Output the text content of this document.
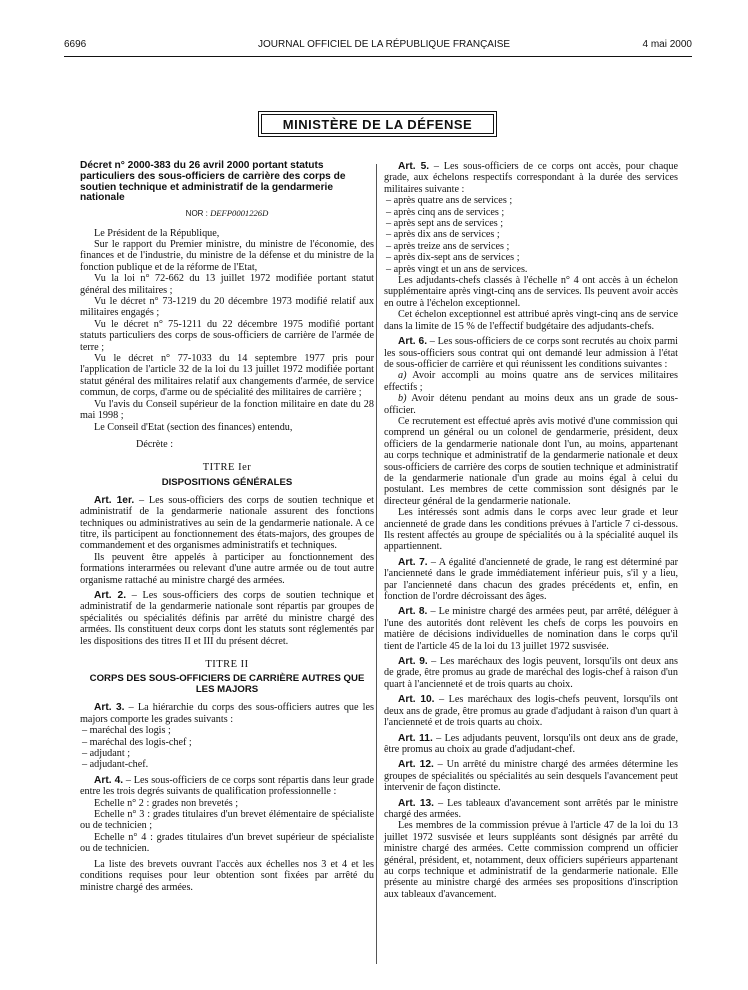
6696	JOURNAL OFFICIEL DE LA RÉPUBLIQUE FRANÇAISE	4 mai 2000
MINISTÈRE DE LA DÉFENSE
Décret n° 2000-383 du 26 avril 2000 portant statuts particuliers des sous-officiers de carrière des corps de soutien technique et administratif de la gendarmerie nationale
NOR : DEFP0001226D

Le Président de la République,

Sur le rapport du Premier ministre, du ministre de l'économie, des finances et de l'industrie, du ministre de la défense et du ministre de la fonction publique et de la réforme de l'Etat,

Vu la loi n° 72-662 du 13 juillet 1972 modifiée portant statut général des militaires ;

Vu le décret n° 73-1219 du 20 décembre 1973 modifié relatif aux militaires engagés ;

Vu le décret n° 75-1211 du 22 décembre 1975 modifié portant statuts particuliers des corps de sous-officiers de carrière de l'armée de terre ;

Vu le décret n° 77-1033 du 14 septembre 1977 pris pour l'application de l'article 32 de la loi du 13 juillet 1972 modifiée portant statut général des militaires relatif aux changements d'armée, de service commun, de corps, d'arme ou de spécialité des militaires de carrière ;

Vu l'avis du Conseil supérieur de la fonction militaire en date du 28 mai 1998 ;

Le Conseil d'Etat (section des finances) entendu,

Décrète :

TITRE Ier
DISPOSITIONS GÉNÉRALES

Art. 1er. – Les sous-officiers des corps de soutien technique et administratif de la gendarmerie nationale assurent des fonctions techniques ou administratives au sein de la gendarmerie nationale. A ce titre, ils participent au fonctionnement des états-majors, des groupes de commandement et des organismes administratifs et techniques.

Ils peuvent être appelés à participer au fonctionnement des formations interarmées ou relevant d'une autre armée ou de tout autre organisme rattaché au ministre chargé des armées.

Art. 2. – Les sous-officiers des corps de soutien technique et administratif de la gendarmerie nationale sont répartis par groupes de spécialités ou spécialités définis par arrêté du ministre chargé des armées. Ils constituent deux corps dont les statuts sont réglementés par les dispositions des titres II et III du présent décret.

TITRE II
CORPS DES SOUS-OFFICIERS DE CARRIÈRE AUTRES QUE LES MAJORS

Art. 3. – La hiérarchie du corps des sous-officiers autres que les majors comporte les grades suivants :

– maréchal des logis ;
– maréchal des logis-chef ;
– adjudant ;
– adjudant-chef.

Art. 4. – Les sous-officiers de ce corps sont répartis dans leur grade entre les trois degrés suivants de qualification professionnelle :

Echelle n° 2 : grades non brevetés ;

Echelle n° 3 : grades titulaires d'un brevet élémentaire de spécialiste ou de technicien ;

Echelle n° 4 : grades titulaires d'un brevet supérieur de spécialiste ou de technicien.

La liste des brevets ouvrant l'accès aux échelles nos 3 et 4 et les conditions requises pour leur obtention sont fixées par arrêté du ministre chargé des armées.

Art. 5. – Les sous-officiers de ce corps ont accès, pour chaque grade, aux échelons respectifs correspondant à la durée des services militaires suivante :

– après quatre ans de services ;
– après cinq ans de services ;
– après sept ans de services ;
– après dix ans de services ;
– après treize ans de services ;
– après dix-sept ans de services ;
– après vingt et un ans de services.

Les adjudants-chefs classés à l'échelle n° 4 ont accès à un échelon supplémentaire après vingt-cinq ans de services. Ils peuvent avoir accès en outre à l'échelon exceptionnel.

Cet échelon exceptionnel est attribué après vingt-cinq ans de service dans la limite de 15 % de l'effectif budgétaire des adjudants-chefs.

Art. 6. – Les sous-officiers de ce corps sont recrutés au choix parmi les sous-officiers sous contrat qui ont demandé leur admission à l'état de sous-officier de carrière et qui réunissent les conditions suivantes :

a) Avoir accompli au moins quatre ans de services militaires effectifs ;

b) Avoir détenu pendant au moins deux ans un grade de sous-officier.

Ce recrutement est effectué après avis motivé d'une commission qui comprend un général ou un colonel de gendarmerie, président, deux officiers de la gendarmerie nationale dont l'un, au moins, appartenant au corps technique et administratif de la gendarmerie nationale et deux sous-officiers de carrière des corps de soutien technique et administratif de la gendarmerie nationale d'un grade au moins égal à celui du postulant. Les membres de cette commission sont désignés par le directeur général de la gendarmerie nationale.

Les intéressés sont admis dans le corps avec leur grade et leur ancienneté de grade dans les conditions prévues à l'article 7 ci-dessous. Ils restent affectés au groupe de spécialités ou à la spécialité auquel ils appartiennent.

Art. 7. – A égalité d'ancienneté de grade, le rang est déterminé par l'ancienneté dans le grade immédiatement inférieur puis, s'il y a lieu, par l'ancienneté dans chacun des grades précédents et, enfin, en fonction de l'ordre décroissant des âges.

Art. 8. – Le ministre chargé des armées peut, par arrêté, déléguer à l'une des autorités dont relèvent les chefs de corps les pouvoirs en matière de décisions individuelles de nomination dans le corps qu'il tient de l'article 45 de la loi du 13 juillet 1972 susvisée.

Art. 9. – Les maréchaux des logis peuvent, lorsqu'ils ont deux ans de grade, être promus au grade de maréchal des logis-chef à raison d'un quart à l'ancienneté et de trois quarts au choix.

Art. 10. – Les maréchaux des logis-chefs peuvent, lorsqu'ils ont deux ans de grade, être promus au grade d'adjudant à raison d'un quart à l'ancienneté et de trois quarts au choix.

Art. 11. – Les adjudants peuvent, lorsqu'ils ont deux ans de grade, être promus au choix au grade d'adjudant-chef.

Art. 12. – Un arrêté du ministre chargé des armées détermine les groupes de spécialités ou spécialités au sein desquels l'avancement peut intervenir de façon distincte.

Art. 13. – Les tableaux d'avancement sont arrêtés par le ministre chargé des armées.

Les membres de la commission prévue à l'article 47 de la loi du 13 juillet 1972 susvisée et leurs suppléants sont désignés par arrêté du ministre chargé des armées. Cette commission comprend un officier général, président, et, notamment, deux officiers supérieurs appartenant au corps technique et administratif de la gendarmerie nationale. Elle présente au ministre chargé des armées ses propositions d'inscription aux tableaux d'avancement.
